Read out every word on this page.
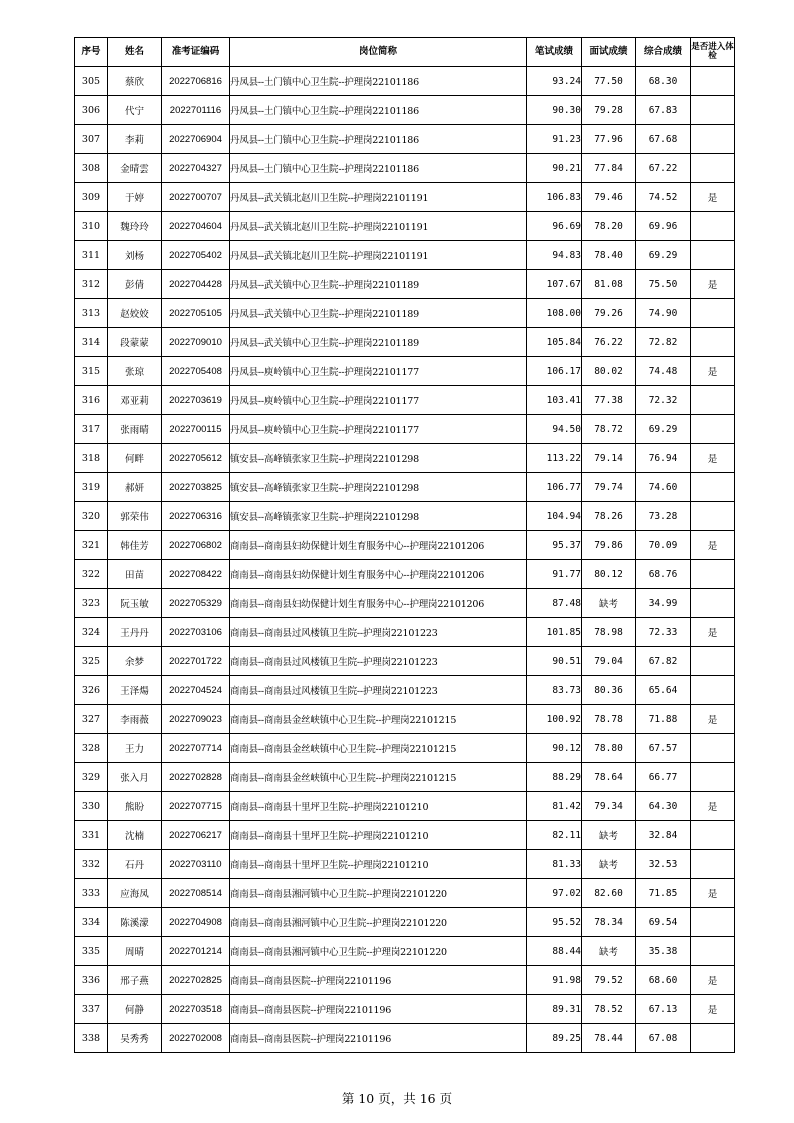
序号	姓名	准考证编码	岗位简称	笔试成绩	面试成绩	综合成绩	是否进入体检
305	蔡欣	2022706816	丹凤县--土门镇中心卫生院--护理岗22101186	93.24	77.50	68.30	
306	代宁	2022701116	丹凤县--土门镇中心卫生院--护理岗22101186	90.30	79.28	67.83	
307	李莉	2022706904	丹凤县--土门镇中心卫生院--护理岗22101186	91.23	77.96	67.68	
308	金晴雲	2022704327	丹凤县--土门镇中心卫生院--护理岗22101186	90.21	77.84	67.22	
309	于婷	2022700707	丹凤县--武关镇北赵川卫生院--护理岗22101191	106.83	79.46	74.52	是
310	魏玲玲	2022704604	丹凤县--武关镇北赵川卫生院--护理岗22101191	96.69	78.20	69.96	
311	刘杨	2022705402	丹凤县--武关镇北赵川卫生院--护理岗22101191	94.83	78.40	69.29	
312	彭倩	2022704428	丹凤县--武关镇中心卫生院--护理岗22101189	107.67	81.08	75.50	是
313	赵姣姣	2022705105	丹凤县--武关镇中心卫生院--护理岗22101189	108.00	79.26	74.90	
314	段蒙蒙	2022709010	丹凤县--武关镇中心卫生院--护理岗22101189	105.84	76.22	72.82	
315	张琼	2022705408	丹凤县--庾岭镇中心卫生院--护理岗22101177	106.17	80.02	74.48	是
316	邓亚莉	2022703619	丹凤县--庾岭镇中心卫生院--护理岗22101177	103.41	77.38	72.32	
317	张雨晴	2022700115	丹凤县--庾岭镇中心卫生院--护理岗22101177	94.50	78.72	69.29	
318	何畔	2022705612	镇安县--高峰镇张家卫生院--护理岗22101298	113.22	79.14	76.94	是
319	郝妍	2022703825	镇安县--高峰镇张家卫生院--护理岗22101298	106.77	79.74	74.60	
320	郭荣伟	2022706316	镇安县--高峰镇张家卫生院--护理岗22101298	104.94	78.26	73.28	
321	韩佳芳	2022706802	商南县--商南县妇幼保健计划生育服务中心--护理岗22101206	95.37	79.86	70.09	是
322	田苗	2022708422	商南县--商南县妇幼保健计划生育服务中心--护理岗22101206	91.77	80.12	68.76	
323	阮玉敏	2022705329	商南县--商南县妇幼保健计划生育服务中心--护理岗22101206	87.48	缺考	34.99	
324	王丹丹	2022703106	商南县--商南县过风楼镇卫生院--护理岗22101223	101.85	78.98	72.33	是
325	余梦	2022701722	商南县--商南县过风楼镇卫生院--护理岗22101223	90.51	79.04	67.82	
326	王泽煬	2022704524	商南县--商南县过风楼镇卫生院--护理岗22101223	83.73	80.36	65.64	
327	李雨薇	2022709023	商南县--商南县金丝峡镇中心卫生院--护理岗22101215	100.92	78.78	71.88	是
328	王力	2022707714	商南县--商南县金丝峡镇中心卫生院--护理岗22101215	90.12	78.80	67.57	
329	张入月	2022702828	商南县--商南县金丝峡镇中心卫生院--护理岗22101215	88.29	78.64	66.77	
330	熊盼	2022707715	商南县--商南县十里坪卫生院--护理岗22101210	81.42	79.34	64.30	是
331	沈楠	2022706217	商南县--商南县十里坪卫生院--护理岗22101210	82.11	缺考	32.84	
332	石丹	2022703110	商南县--商南县十里坪卫生院--护理岗22101210	81.33	缺考	32.53	
333	应海凤	2022708514	商南县--商南县湘河镇中心卫生院--护理岗22101220	97.02	82.60	71.85	是
334	陈溪濛	2022704908	商南县--商南县湘河镇中心卫生院--护理岗22101220	95.52	78.34	69.54	
335	周晴	2022701214	商南县--商南县湘河镇中心卫生院--护理岗22101220	88.44	缺考	35.38	
336	邢子燕	2022702825	商南县--商南县医院--护理岗22101196	91.98	79.52	68.60	是
337	何静	2022703518	商南县--商南县医院--护理岗22101196	89.31	78.52	67.13	是
338	吴秀秀	2022702008	商南县--商南县医院--护理岗22101196	89.25	78.44	67.08	
第 10 页，共 16 页
